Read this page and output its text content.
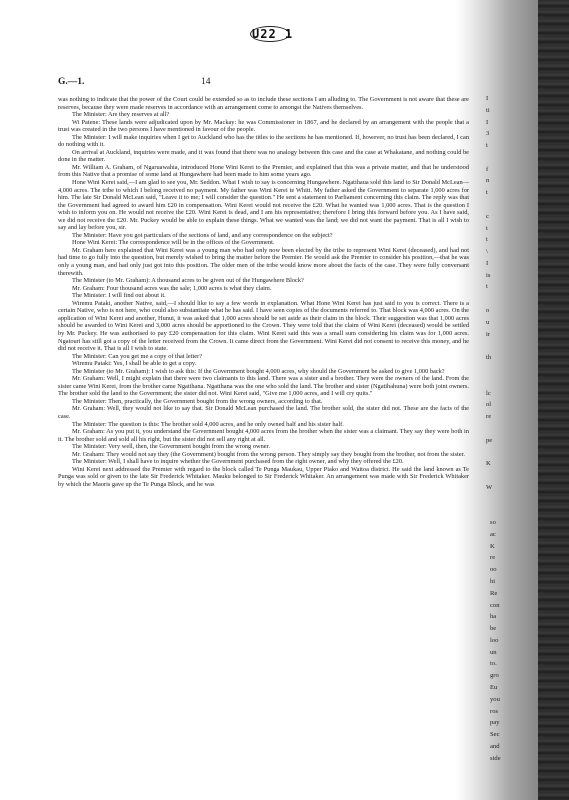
I
ti
I
3
t
f
n
t
c
t
t
\
I
is
t
o
u
ir
th
lc
ol
re
pe
K
W
so
ac
K
re
oo
hi
Re
con
ha
be
loo
un
to.
gro
Eu
you
ros
pay
Sec
and
side
U22 1
G.—1.	14

was nothing to indicate that the power of the Court could be extended so as to include these sections I am alluding to. The Government is not aware that these are reserves, because they were made reserves in accordance with an arrangement come to amongst the Natives themselves.

The Minister: Are they reserves at all?

Wi Patene: These lands were adjudicated upon by Mr. Mackay: he was Commissioner in 1867, and he declared by an arrangement with the people that a trust was created in the two persons I have mentioned in favour of the people.

The Minister: I will make inquiries when I get to Auckland who has the titles to the sections he has mentioned. If, however, no trust has been declared, I can do nothing with it.

On arrival at Auckland, inquiries were made, and it was found that there was no analogy between this case and the case at Whakatane, and nothing could be done in the matter.

Mr. William A. Graham, of Ngaruawahia, introduced Hone Wini Kerei to the Premier, and explained that this was a private matter, and that he understood from this Native that a promise of some land at Hungawhere had been made to him some years ago.

Hone Wini Kerei said,—I am glad to see you, Mr. Seddon. What I wish to say is concerning Hungawhere. Ngatihaua sold this land to Sir Donald McLean—4,000 acres. The tribe to which I belong received no payment. My father was Wini Kerei te Whiti. My father asked the Government to separate 1,000 acres for him. The late Sir Donald McLean said, "Leave it to me; I will consider the question." He sent a statement to Parliament concerning this claim. The reply was that the Government had agreed to award him £20 in compensation. Wini Kerei would not receive the £20. What he wanted was 1,000 acres. That is the question I wish to inform you on. He would not receive the £20. Wini Kerei is dead, and I am his representative; therefore I bring this forward before you. As I have said, we did not receive the £20. Mr. Puckey would be able to explain these things. What we wanted was the land; we did not want the payment. That is all I wish to say and lay before you, sir.

The Minister: Have you got particulars of the sections of land, and any correspondence on the subject?

Hone Wini Kerei: The correspondence will be in the offices of the Government.

Mr. Graham here explained that Wini Kerei was a young man who had only now been elected by the tribe to represent Wini Kerei (deceased), and had not had time to go fully into the question, but merely wished to bring the matter before the Premier. He would ask the Premier to consider his position,—that he was only a young man, and had only just got into this position. The older men of the tribe would know more about the facts of the case. They were fully conversant therewith.

The Minister (to Mr. Graham): A thousand acres to be given out of the Hungawhere Block?

Mr. Graham: Four thousand acres was the sale; 1,000 acres is what they claim.

The Minister: I will find out about it.

Wiremu Pataki, another Native, said,—I should like to say a few words in explanation. What Hone Wini Kerei has just said to you is correct. There is a certain Native, who is not here, who could also substantiate what he has said. I have seen copies of the documents referred to. That block was 4,000 acres. On the application of Wini Kerei and another, Hunui, it was asked that 1,000 acres should be set aside as their claim in the block. Their suggestion was that 1,000 acres should be awarded to Wini Kerei and 3,000 acres should be apportioned to the Crown. They were told that the claim of Wini Kerei (deceased) would be settled by Mr. Puckey. He was authorised to pay £20 compensation for this claim. Wini Kerei said this was a small sum considering his claim was for 1,000 acres. Ngatouri has still got a copy of the letter received from the Crown. It came direct from the Government. Wini Kerei did not consent to receive this money, and he did not receive it. That is all I wish to state.

The Minister: Can you get me a copy of that letter?

Wiremu Pataki: Yes, I shall be able to get a copy.

The Minister (to Mr. Graham): I wish to ask this: If the Government bought 4,000 acres, why should the Government be asked to give 1,000 back?

Mr. Graham: Well, I might explain that there were two claimants to this land. There was a sister and a brother. They were the owners of the land. From the sister came Wini Kerei, from the brother came Ngatihana. Ngatihana was the one who sold the land. The brother and sister (Ngatihahuna) were both joint owners. The brother sold the land to the Government; the sister did not. Wini Kerei said, "Give me 1,000 acres, and I will cry quits."

The Minister: Then, practically, the Government bought from the wrong owners, according to that.

Mr. Graham: Well, they would not like to say that. Sir Donald McLean purchased the land. The brother sold, the sister did not. These are the facts of the case.

The Minister: The question is this: The brother sold 4,000 acres, and he only owned half and his sister half.

Mr. Graham: As you put it, you understand the Government bought 4,000 acres from the brother when the sister was a claimant. They say they were both in it. The brother sold and sold all his right, but the sister did not sell any right at all.

The Minister: Very well, then, the Government bought from the wrong owner.

Mr. Graham: They would not say they (the Government) bought from the wrong person. They simply say they bought from the brother, not from the sister.

The Minister: Well, I shall have to inquire whether the Government purchased from the right owner, and why they offered the £20.

Wini Kerei next addressed the Premier with regard to the block called Te Punga Maukau, Upper Piako and Waitoa district. He said the land known as Te Punga was sold or given to the late Sir Frederick Whitaker. Mauku belonged to Sir Frederick Whitaker. An arrangement was made with Sir Frederick Whitaker by which the Maoris gave up the Te Punga Block, and he was
